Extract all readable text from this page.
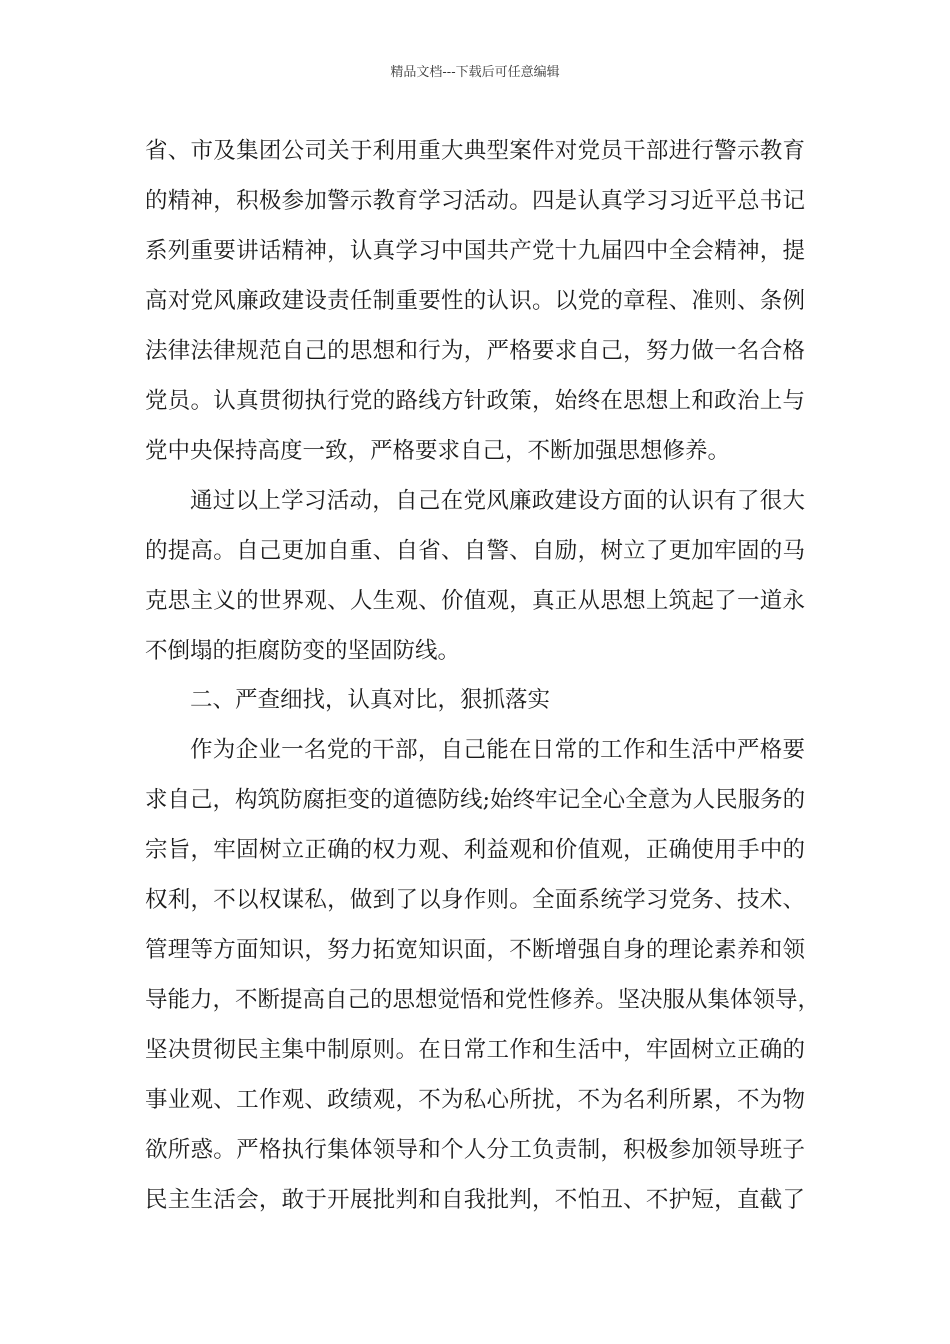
精品文档---下载后可任意编辑
省、市及集团公司关于利用重大典型案件对党员干部进行警示教育
的精神，积极参加警示教育学习活动。四是认真学习习近平总书记
系列重要讲话精神，认真学习中国共产党十九届四中全会精神，提
高对党风廉政建设责任制重要性的认识。以党的章程、准则、条例
法律法律规范自己的思想和行为，严格要求自己，努力做一名合格
党员。认真贯彻执行党的路线方针政策，始终在思想上和政治上与
党中央保持高度一致，严格要求自己，不断加强思想修养。
通过以上学习活动，自己在党风廉政建设方面的认识有了很大
的提高。自己更加自重、自省、自警、自励，树立了更加牢固的马
克思主义的世界观、人生观、价值观，真正从思想上筑起了一道永
不倒塌的拒腐防变的坚固防线。
二、严查细找，认真对比，狠抓落实
作为企业一名党的干部，自己能在日常的工作和生活中严格要
求自己，构筑防腐拒变的道德防线;始终牢记全心全意为人民服务的
宗旨，牢固树立正确的权力观、利益观和价值观，正确使用手中的
权利，不以权谋私，做到了以身作则。全面系统学习党务、技术、
管理等方面知识，努力拓宽知识面，不断增强自身的理论素养和领
导能力，不断提高自己的思想觉悟和党性修养。坚决服从集体领导，
坚决贯彻民主集中制原则。在日常工作和生活中，牢固树立正确的
事业观、工作观、政绩观，不为私心所扰，不为名利所累，不为物
欲所惑。严格执行集体领导和个人分工负责制，积极参加领导班子
民主生活会，敢于开展批判和自我批判，不怕丑、不护短，直截了
